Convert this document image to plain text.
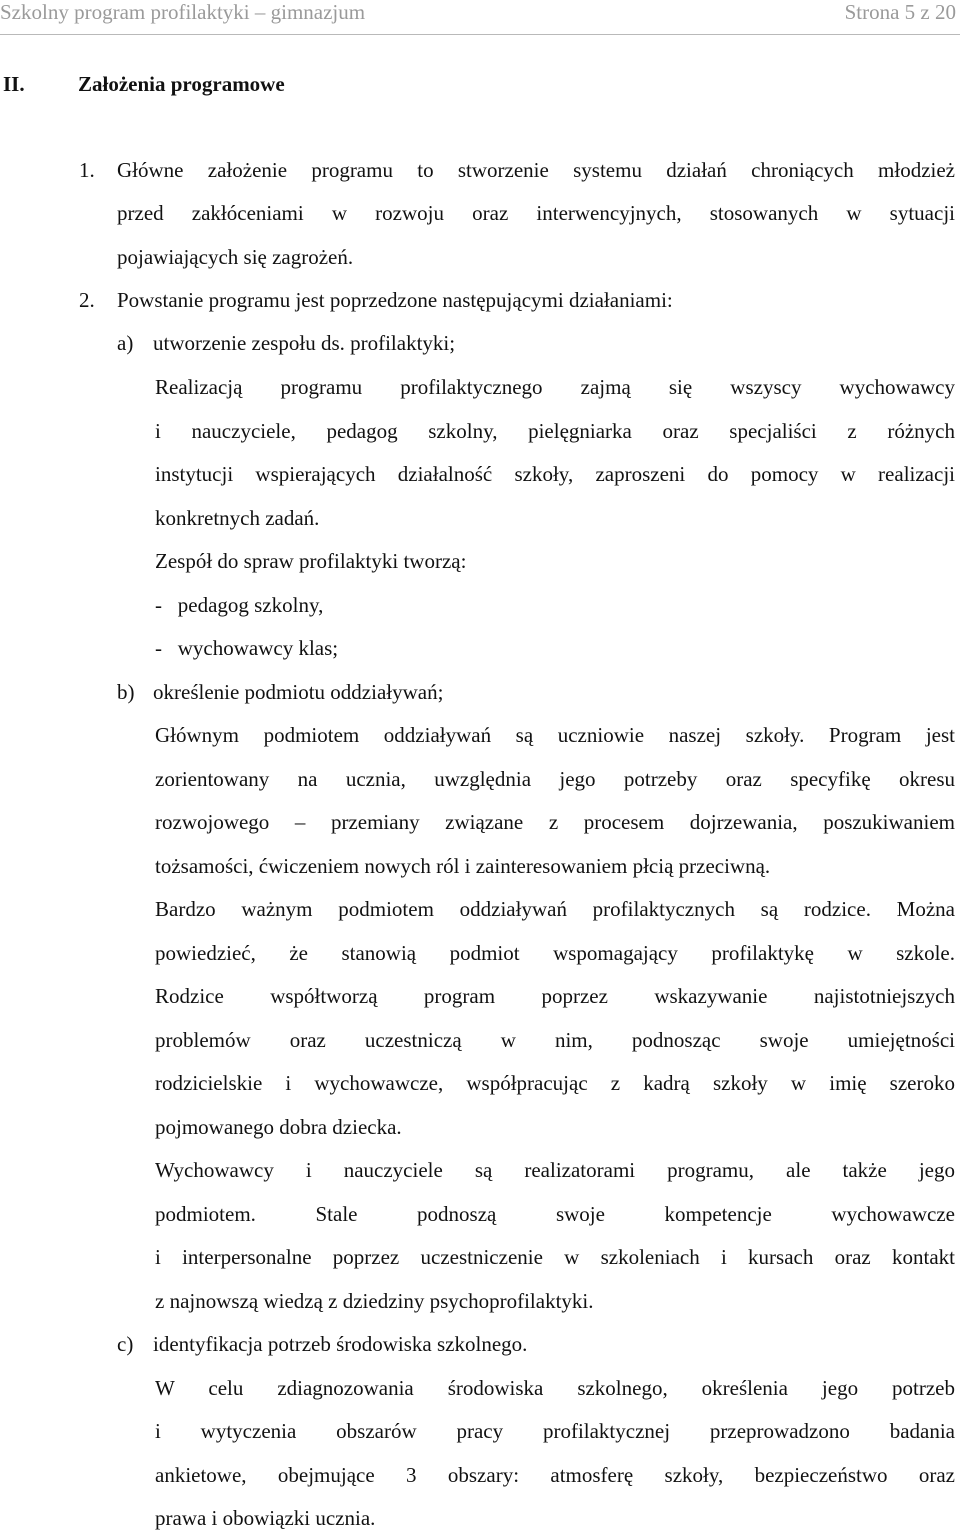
Szkolny program profilaktyki – gimnazjum	Strona 5 z 20
II.	Założenia programowe
1. Główne założenie programu to stworzenie systemu działań chroniących młodzież
przed zakłóceniami w rozwoju oraz interwencyjnych, stosowanych w sytuacji
pojawiających się zagrożeń.
2. Powstanie programu jest poprzedzone następującymi działaniami:
a) utworzenie zespołu ds. profilaktyki;
Realizacją programu profilaktycznego zajmą się wszyscy wychowawcy
i nauczyciele, pedagog szkolny, pielęgniarka oraz specjaliści z różnych
instytucji wspierających działalność szkoły, zaproszeni do pomocy w realizacji
konkretnych zadań.
Zespół do spraw profilaktyki tworzą:
-   pedagog szkolny,
-   wychowawcy klas;
b) określenie podmiotu oddziaływań;
Głównym podmiotem oddziaływań są uczniowie naszej szkoły. Program jest
zorientowany na ucznia, uwzględnia jego potrzeby oraz specyfikę okresu
rozwojowego – przemiany związane z procesem dojrzewania, poszukiwaniem
tożsamości, ćwiczeniem nowych ról i zainteresowaniem płcią przeciwną.
Bardzo ważnym podmiotem oddziaływań profilaktycznych są rodzice. Można
powiedzieć, że stanowią podmiot wspomagający profilaktykę w szkole.
Rodzice współtworzą program poprzez wskazywanie najistotniejszych
problemów oraz uczestniczą w nim, podnosząc swoje umiejętności
rodzicielskie i wychowawcze, współpracując z kadrą szkoły w imię szeroko
pojmowanego dobra dziecka.
Wychowawcy i nauczyciele są realizatorami programu, ale także jego
podmiotem. Stale podnoszą swoje kompetencje wychowawcze
i interpersonalne poprzez uczestniczenie w szkoleniach i kursach oraz kontakt
z najnowszą wiedzą z dziedziny psychoprofilaktyki.
c) identyfikacja potrzeb środowiska szkolnego.
W celu zdiagnozowania środowiska szkolnego, określenia jego potrzeb
i wytyczenia obszarów pracy profilaktycznej przeprowadzono badania
ankietowe, obejmujące 3 obszary: atmosferę szkoły, bezpieczeństwo oraz
prawa i obowiązki ucznia.
